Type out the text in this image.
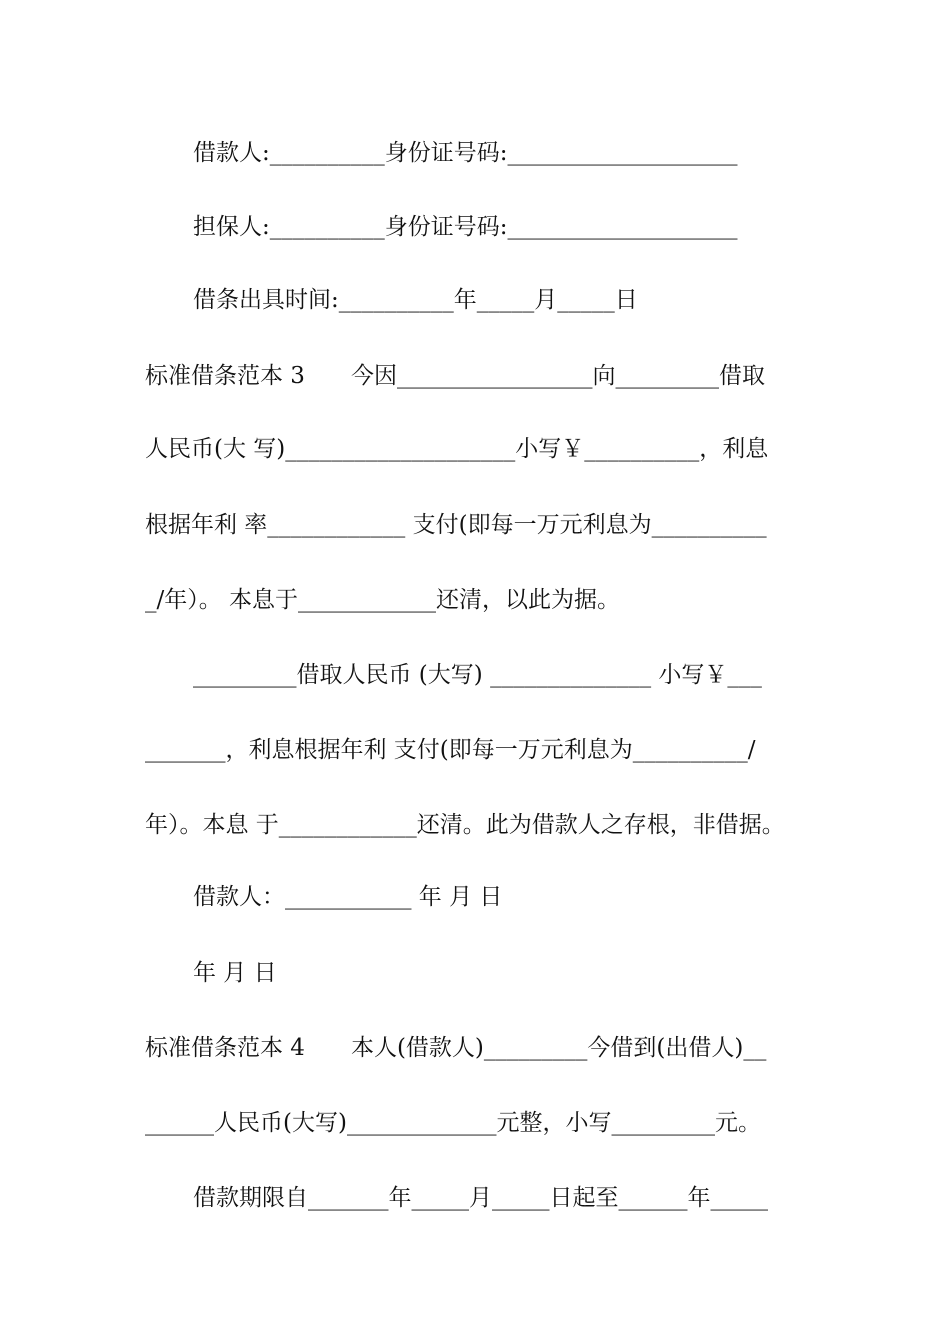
借款人:__________身份证号码:____________________
担保人:__________身份证号码:____________________
借条出具时间:__________年_____月_____日
标准借条范本 3　　今因_________________向_________借取
人民币(大 写)____________________小写￥__________，利息
根据年利 率____________ 支付(即每一万元利息为__________
_/年）。 本息于____________还清，以此为据。
_________借取人民币 (大写) ______________ 小写￥___
_______，利息根据年利 支付(即每一万元利息为__________/
年）。本息 于____________还清。此为借款人之存根，非借据。
借款人：___________ 年 月 日
年 月 日
标准借条范本 4　　本人(借款人)_________今借到(出借人)__
______人民币(大写)_____________元整，小写_________元。
借款期限自_______年_____月_____日起至______年_____
